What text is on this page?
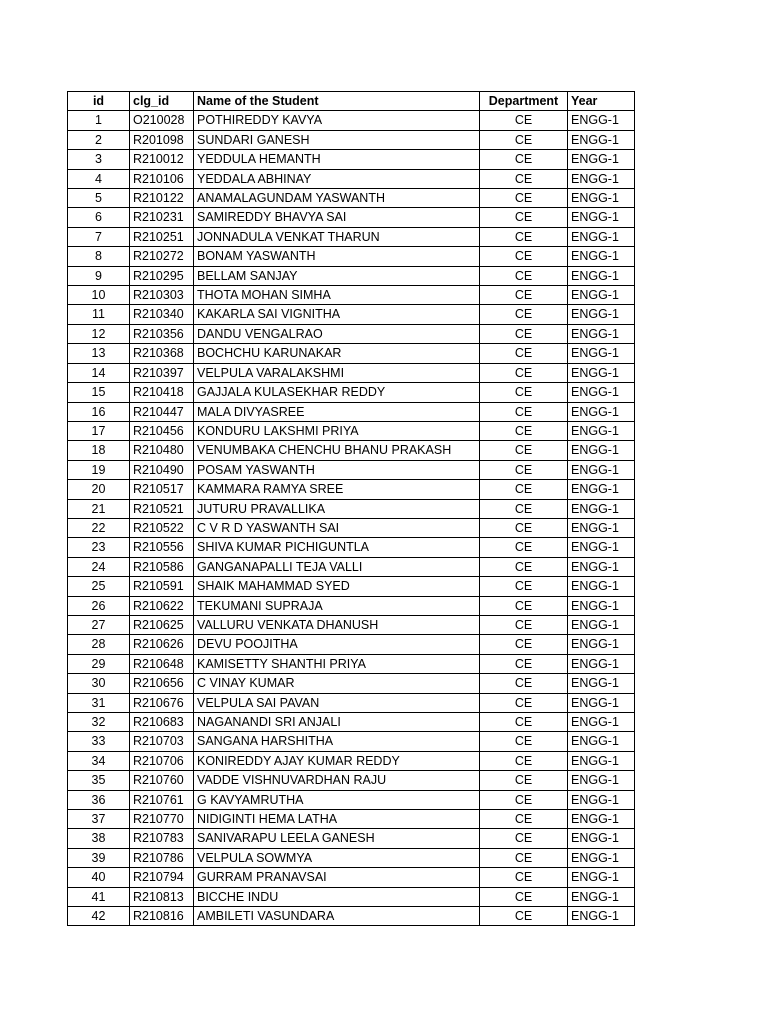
id	clg_id	Name of the Student	Department	Year
1	O210028	POTHIREDDY KAVYA	CE	ENGG-1
2	R201098	SUNDARI GANESH	CE	ENGG-1
3	R210012	YEDDULA HEMANTH	CE	ENGG-1
4	R210106	YEDDALA ABHINAY	CE	ENGG-1
5	R210122	ANAMALAGUNDAM YASWANTH	CE	ENGG-1
6	R210231	SAMIREDDY BHAVYA SAI	CE	ENGG-1
7	R210251	JONNADULA VENKAT THARUN	CE	ENGG-1
8	R210272	BONAM YASWANTH	CE	ENGG-1
9	R210295	BELLAM SANJAY	CE	ENGG-1
10	R210303	THOTA MOHAN SIMHA	CE	ENGG-1
11	R210340	KAKARLA SAI VIGNITHA	CE	ENGG-1
12	R210356	DANDU VENGALRAO	CE	ENGG-1
13	R210368	BOCHCHU KARUNAKAR	CE	ENGG-1
14	R210397	VELPULA VARALAKSHMI	CE	ENGG-1
15	R210418	GAJJALA KULASEKHAR REDDY	CE	ENGG-1
16	R210447	MALA DIVYASREE	CE	ENGG-1
17	R210456	KONDURU LAKSHMI PRIYA	CE	ENGG-1
18	R210480	VENUMBAKA CHENCHU BHANU PRAKASH	CE	ENGG-1
19	R210490	POSAM YASWANTH	CE	ENGG-1
20	R210517	KAMMARA RAMYA SREE	CE	ENGG-1
21	R210521	JUTURU PRAVALLIKA	CE	ENGG-1
22	R210522	C V R D YASWANTH SAI	CE	ENGG-1
23	R210556	SHIVA KUMAR PICHIGUNTLA	CE	ENGG-1
24	R210586	GANGANAPALLI TEJA VALLI	CE	ENGG-1
25	R210591	SHAIK MAHAMMAD SYED	CE	ENGG-1
26	R210622	TEKUMANI SUPRAJA	CE	ENGG-1
27	R210625	VALLURU VENKATA DHANUSH	CE	ENGG-1
28	R210626	DEVU POOJITHA	CE	ENGG-1
29	R210648	KAMISETTY SHANTHI PRIYA	CE	ENGG-1
30	R210656	C VINAY KUMAR	CE	ENGG-1
31	R210676	VELPULA SAI PAVAN	CE	ENGG-1
32	R210683	NAGANANDI SRI ANJALI	CE	ENGG-1
33	R210703	SANGANA HARSHITHA	CE	ENGG-1
34	R210706	KONIREDDY AJAY KUMAR REDDY	CE	ENGG-1
35	R210760	VADDE VISHNUVARDHAN RAJU	CE	ENGG-1
36	R210761	G KAVYAMRUTHA	CE	ENGG-1
37	R210770	NIDIGINTI HEMA LATHA	CE	ENGG-1
38	R210783	SANIVARAPU LEELA GANESH	CE	ENGG-1
39	R210786	VELPULA SOWMYA	CE	ENGG-1
40	R210794	GURRAM PRANAVSAI	CE	ENGG-1
41	R210813	BICCHE INDU	CE	ENGG-1
42	R210816	AMBILETI VASUNDARA	CE	ENGG-1
